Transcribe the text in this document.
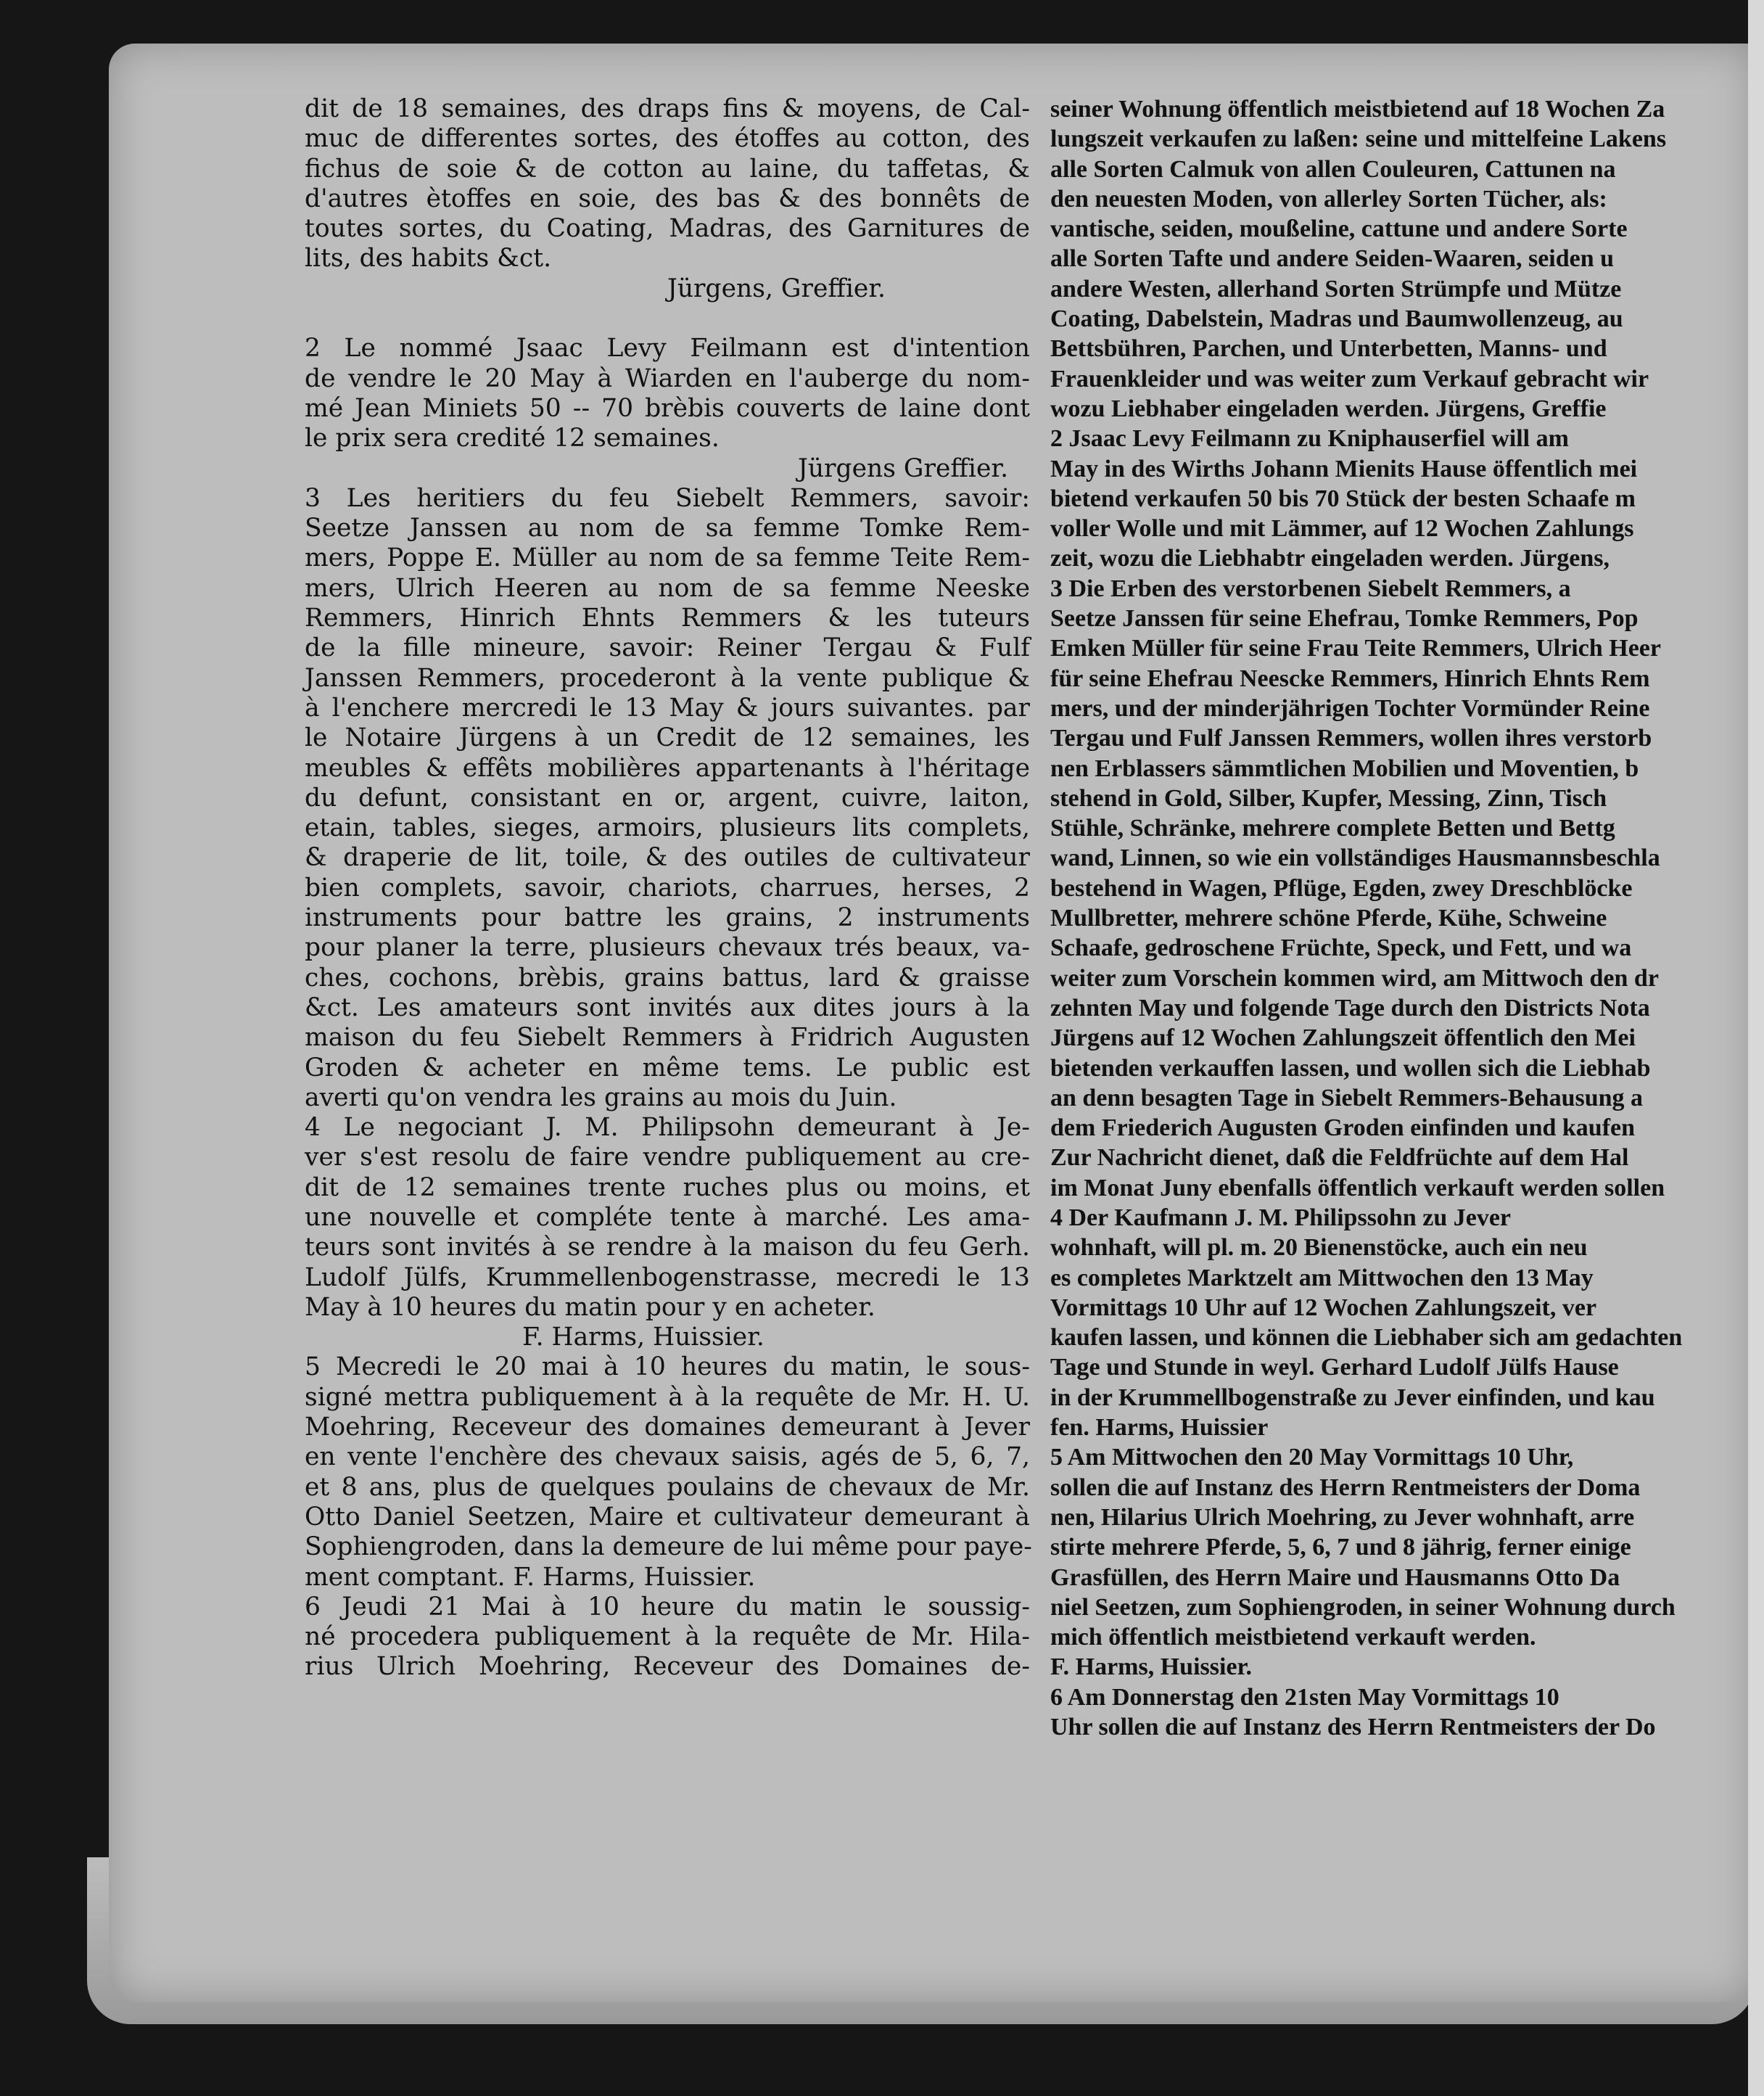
dit de 18 semaines, des draps fins & moyens, de Cal-
muc de differentes sortes, des étoffes au cotton, des
fichus de soie & de cotton au laine, du taffetas, &
d'autres ètoffes en soie, des bas & des bonnêts de
toutes sortes, du Coating, Madras, des Garnitures de
lits, des habits &ct.
Jürgens, Greffier.
2 Le nommé Jsaac Levy Feilmann est d'intention
de vendre le 20 May à Wiarden en l'auberge du nom-
mé Jean Miniets 50 -- 70 brèbis couverts de laine dont
le prix sera credité 12 semaines.
Jürgens Greffier.
3 Les heritiers du feu Siebelt Remmers, savoir:
Seetze Janssen au nom de sa femme Tomke Rem-
mers, Poppe E. Müller au nom de sa femme Teite Rem-
mers, Ulrich Heeren au nom de sa femme Neeske
Remmers, Hinrich Ehnts Remmers & les tuteurs
de la fille mineure, savoir: Reiner Tergau & Fulf
Janssen Remmers, procederont à la vente publique &
à l'enchere mercredi le 13 May & jours suivantes. par
le Notaire Jürgens à un Credit de 12 semaines, les
meubles & effêts mobilières appartenants à l'héritage
du defunt, consistant en or, argent, cuivre, laiton,
etain, tables, sieges, armoirs, plusieurs lits complets,
& draperie de lit, toile, & des outiles de cultivateur
bien complets, savoir, chariots, charrues, herses, 2
instruments pour battre les grains, 2 instruments
pour planer la terre, plusieurs chevaux trés beaux, va-
ches, cochons, brèbis, grains battus, lard & graisse
&ct. Les amateurs sont invités aux dites jours à la
maison du feu Siebelt Remmers à Fridrich Augusten
Groden & acheter en même tems. Le public est
averti qu'on vendra les grains au mois du Juin.
4 Le negociant J. M. Philipsohn demeurant à Je-
ver s'est resolu de faire vendre publiquement au cre-
dit de 12 semaines trente ruches plus ou moins, et
une nouvelle et compléte tente à marché. Les ama-
teurs sont invités à se rendre à la maison du feu Gerh.
Ludolf Jülfs, Krummellenbogenstrasse, mecredi le 13
May à 10 heures du matin pour y en acheter.
F. Harms, Huissier.
5 Mecredi le 20 mai à 10 heures du matin, le sous-
signé mettra publiquement à à la requête de Mr. H. U.
Moehring, Receveur des domaines demeurant à Jever
en vente l'enchère des chevaux saisis, agés de 5, 6, 7,
et 8 ans, plus de quelques poulains de chevaux de Mr.
Otto Daniel Seetzen, Maire et cultivateur demeurant à
Sophiengroden, dans la demeure de lui même pour paye-
ment comptant. F. Harms, Huissier.
6 Jeudi 21 Mai à 10 heure du matin le soussig-
né procedera publiquement à la requête de Mr. Hila-
rius Ulrich Moehring, Receveur des Domaines de-
seiner Wohnung öffentlich meistbietend auf 18 Wochen Za
lungszeit verkaufen zu laßen: seine und mittelfeine Lakens
alle Sorten Calmuk von allen Couleuren, Cattunen na
den neuesten Moden, von allerley Sorten Tücher, als:
vantische, seiden, moußeline, cattune und andere Sorte
alle Sorten Tafte und andere Seiden-Waaren, seiden u
andere Westen, allerhand Sorten Strümpfe und Mütze
Coating, Dabelstein, Madras und Baumwollenzeug, au
Bettsbühren, Parchen, und Unterbetten, Manns- und
Frauenkleider und was weiter zum Verkauf gebracht wir
wozu Liebhaber eingeladen werden. Jürgens, Greffie
2 Jsaac Levy Feilmann zu Kniphauserfiel will am
May in des Wirths Johann Mienits Hause öffentlich mei
bietend verkaufen 50 bis 70 Stück der besten Schaafe m
voller Wolle und mit Lämmer, auf 12 Wochen Zahlungs
zeit, wozu die Liebhabtr eingeladen werden. Jürgens,
3 Die Erben des verstorbenen Siebelt Remmers, a
Seetze Janssen für seine Ehefrau, Tomke Remmers, Pop
Emken Müller für seine Frau Teite Remmers, Ulrich Heer
für seine Ehefrau Neescke Remmers, Hinrich Ehnts Rem
mers, und der minderjährigen Tochter Vormünder Reine
Tergau und Fulf Janssen Remmers, wollen ihres verstorb
nen Erblassers sämmtlichen Mobilien und Moventien, b
stehend in Gold, Silber, Kupfer, Messing, Zinn, Tisch
Stühle, Schränke, mehrere complete Betten und Bettg
wand, Linnen, so wie ein vollständiges Hausmannsbeschla
bestehend in Wagen, Pflüge, Egden, zwey Dreschblöcke
Mullbretter, mehrere schöne Pferde, Kühe, Schweine
Schaafe, gedroschene Früchte, Speck, und Fett, und wa
weiter zum Vorschein kommen wird, am Mittwoch den dr
zehnten May und folgende Tage durch den Districts Nota
Jürgens auf 12 Wochen Zahlungszeit öffentlich den Mei
bietenden verkauffen lassen, und wollen sich die Liebhab
an denn besagten Tage in Siebelt Remmers-Behausung a
dem Friederich Augusten Groden einfinden und kaufen
Zur Nachricht dienet, daß die Feldfrüchte auf dem Hal
im Monat Juny ebenfalls öffentlich verkauft werden sollen
4 Der Kaufmann J. M. Philipssohn zu Jever
wohnhaft, will pl. m. 20 Bienenstöcke, auch ein neu
es completes Marktzelt am Mittwochen den 13 May
Vormittags 10 Uhr auf 12 Wochen Zahlungszeit, ver
kaufen lassen, und können die Liebhaber sich am gedachten
Tage und Stunde in weyl. Gerhard Ludolf Jülfs Hause
in der Krummellbogenstraße zu Jever einfinden, und kau
fen. Harms, Huissier
5 Am Mittwochen den 20 May Vormittags 10 Uhr,
sollen die auf Instanz des Herrn Rentmeisters der Doma
nen, Hilarius Ulrich Moehring, zu Jever wohnhaft, arre
stirte mehrere Pferde, 5, 6, 7 und 8 jährig, ferner einige
Grasfüllen, des Herrn Maire und Hausmanns Otto Da
niel Seetzen, zum Sophiengroden, in seiner Wohnung durch
mich öffentlich meistbietend verkauft werden.
F. Harms, Huissier.
6 Am Donnerstag den 21sten May Vormittags 10
Uhr sollen die auf Instanz des Herrn Rentmeisters der Do
